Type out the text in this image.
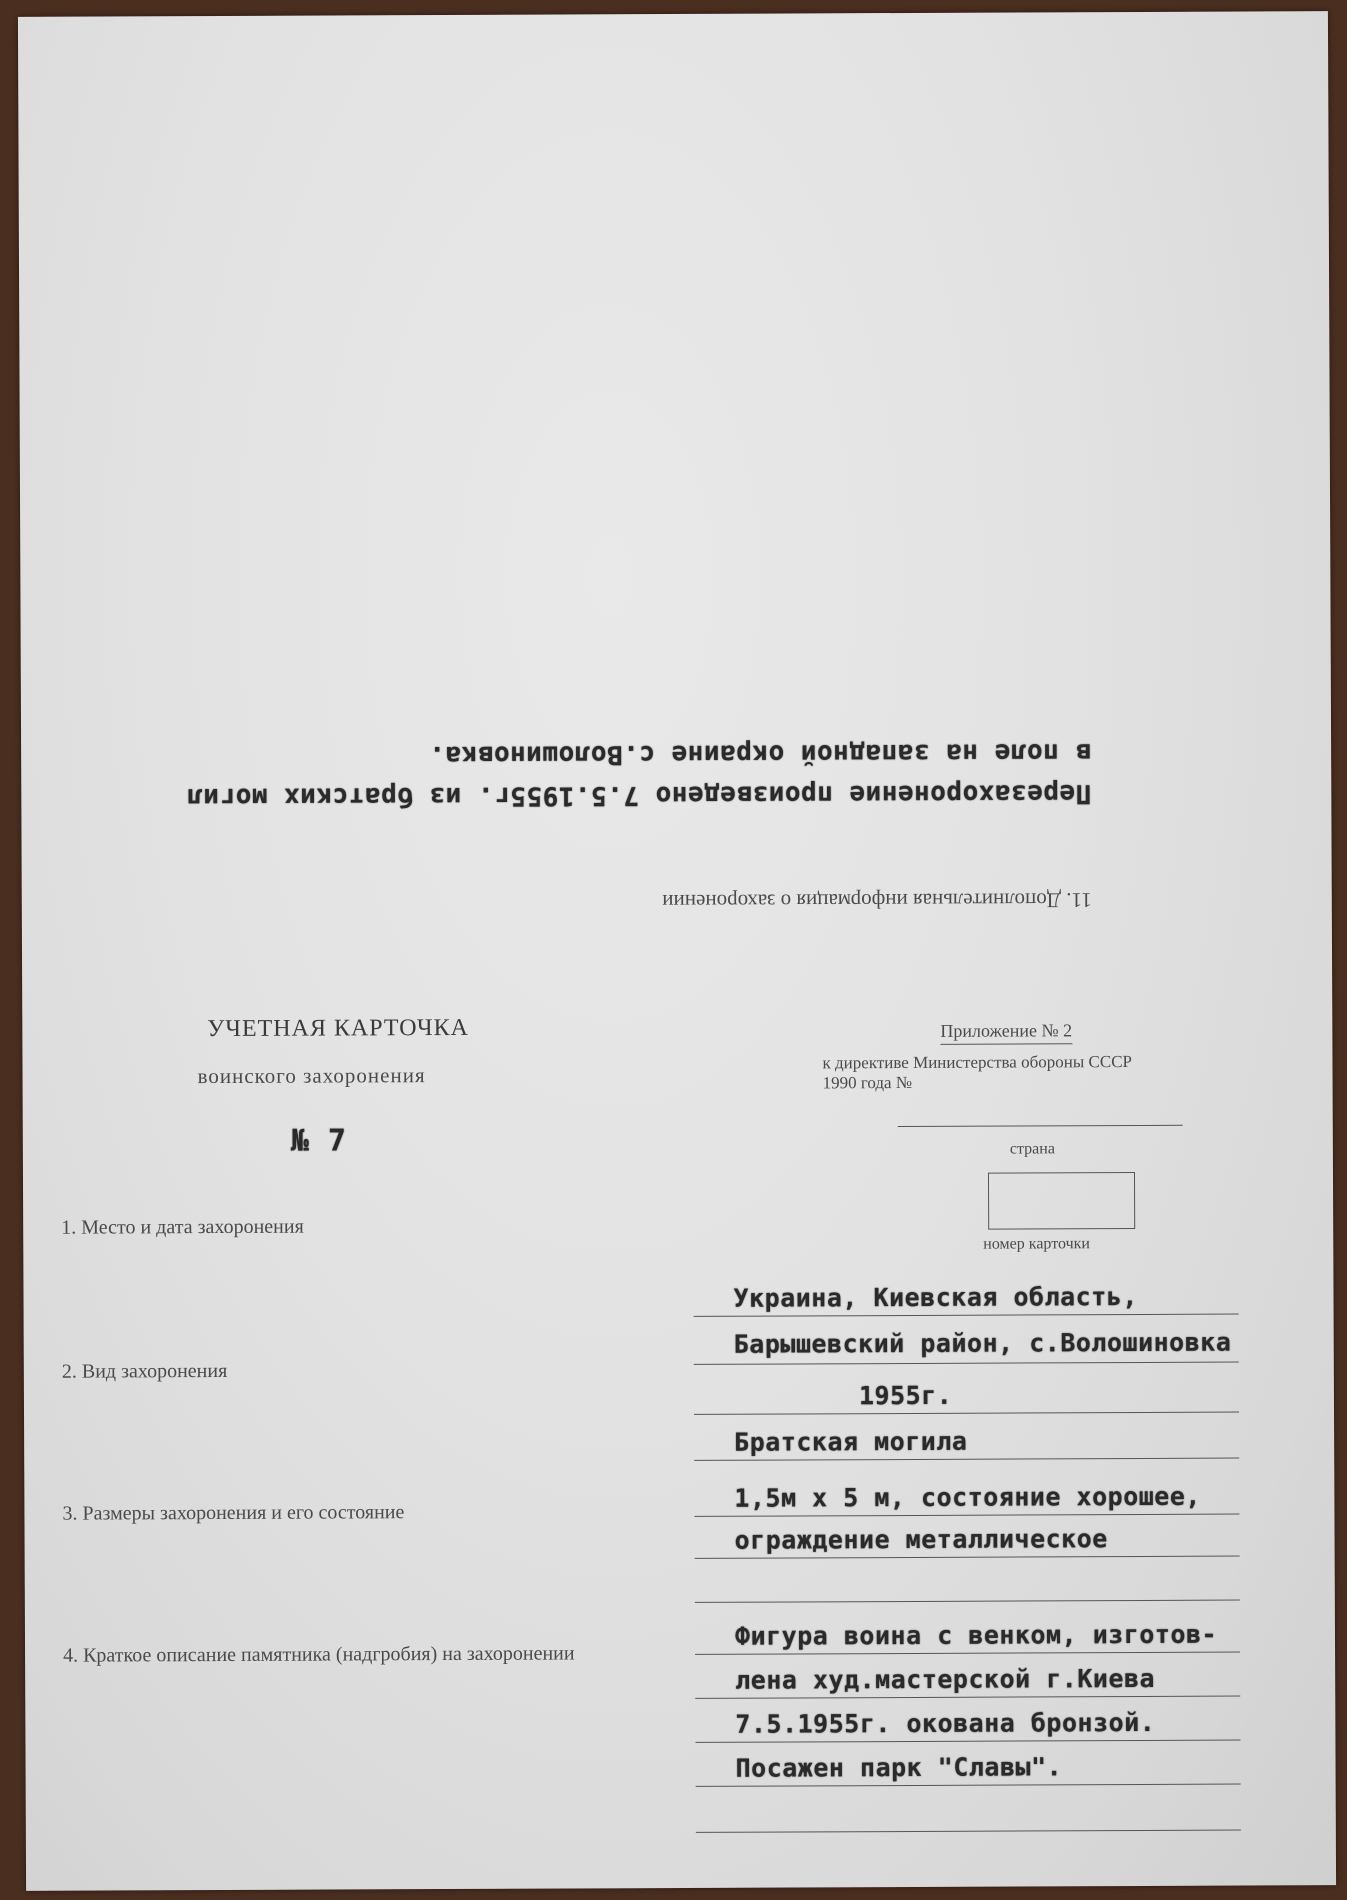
в поле на западной окраине с.Волошиновка.
Перезахоронение произведено 7.5.1955г. из братских могил
11. Дополнительная информация о захоронении
УЧЕТНАЯ КАРТОЧКА
воинского захоронения
№ 7
Приложение № 2
к директиве Министерства обороны СССР
1990 года №
страна
номер карточки
1. Место и дата захоронения
Украина, Киевская область,
Барышевский район, с.Волошиновка
1955г.
2. Вид захоронения
Братская могила
3. Размеры захоронения и его состояние
1,5м х 5 м, состояние хорошее,
ограждение металлическое
4. Краткое описание памятника (надгробия) на захоронении
Фигура воина с венком, изготов-
лена худ.мастерской г.Киева
7.5.1955г. окована бронзой.
Посажен парк "Славы".
